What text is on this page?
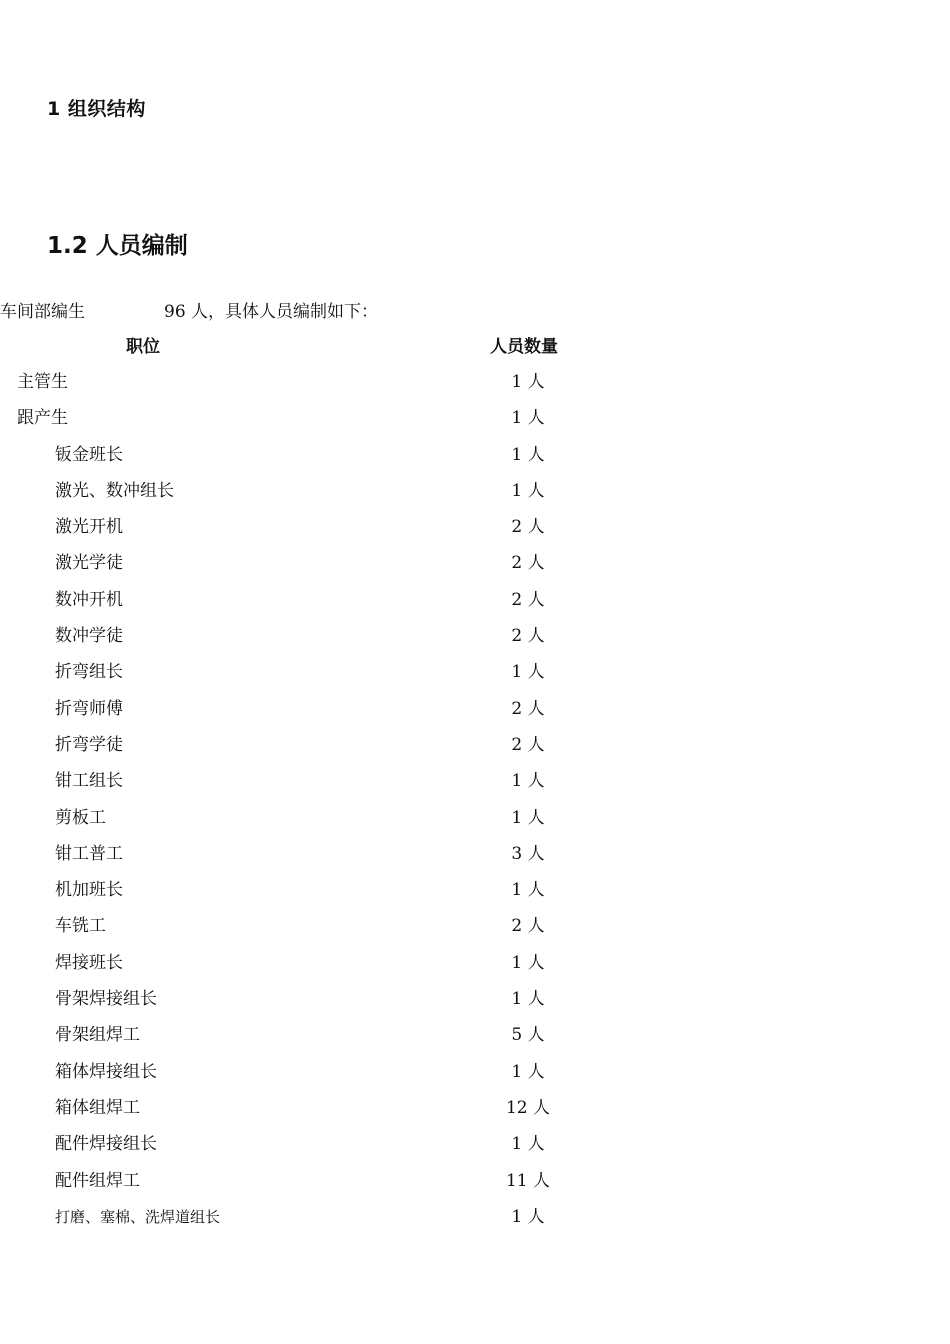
1 组织结构
1.2 人员编制
车间部编生	96 人，具体人员编制如下：
职位	人员数量
主管生	1 人
跟产生	1 人
钣金班长	1 人
激光、数冲组长	1 人
激光开机	2 人
激光学徒	2 人
数冲开机	2 人
数冲学徒	2 人
折弯组长	1 人
折弯师傅	2 人
折弯学徒	2 人
钳工组长	1 人
剪板工	1 人
钳工普工	3 人
机加班长	1 人
车铣工	2 人
焊接班长	1 人
骨架焊接组长	1 人
骨架组焊工	5 人
箱体焊接组长	1 人
箱体组焊工	12 人
配件焊接组长	1 人
配件组焊工	11 人
打磨、塞棉、洗焊道组长	1 人
